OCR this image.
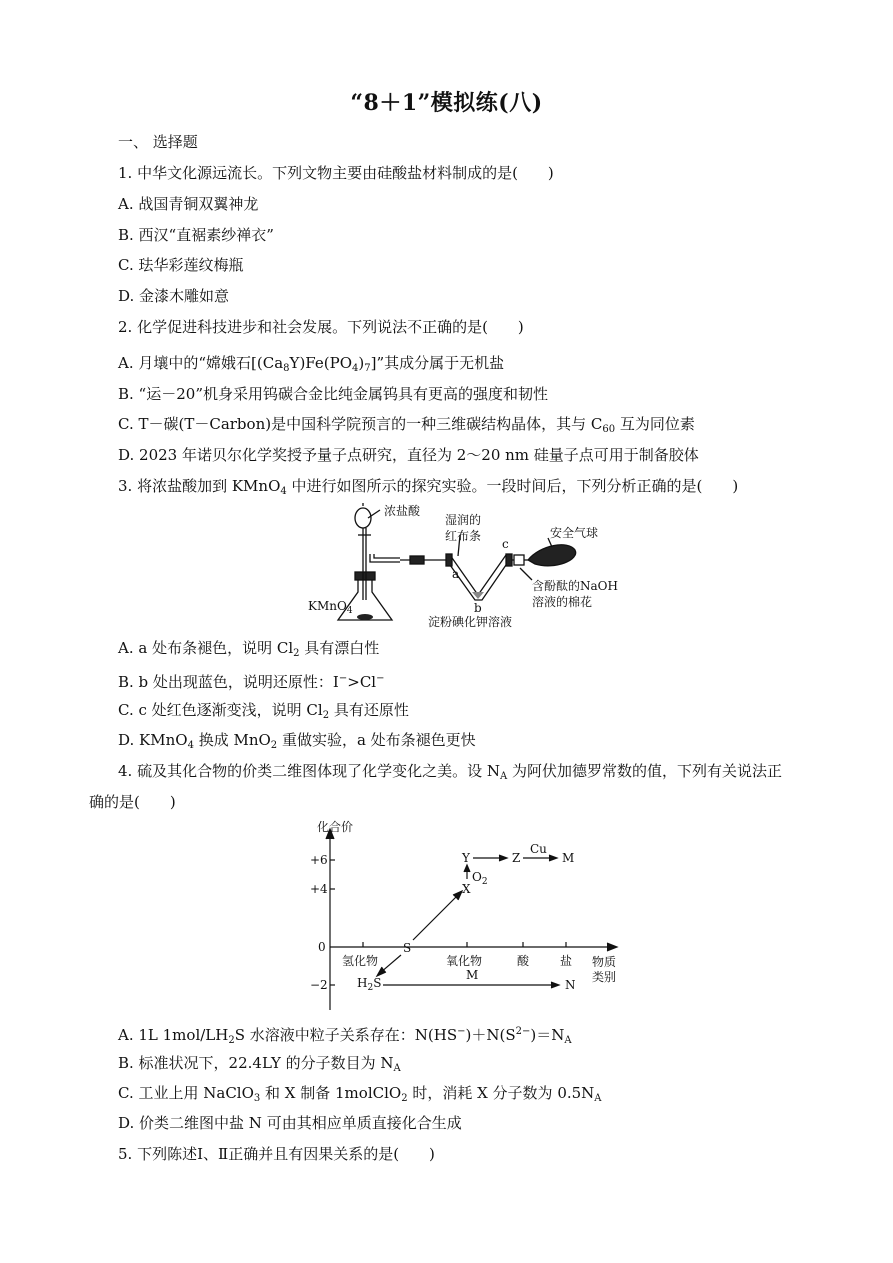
“8＋1”模拟练(八)
一、 选择题
1. 中华文化源远流长。下列文物主要由硅酸盐材料制成的是(　　)
A. 战国青铜双翼神龙
B. 西汉“直裾素纱禅衣”
C. 珐华彩莲纹梅瓶
D. 金漆木雕如意
2. 化学促进科技进步和社会发展。下列说法不正确的是(　　)
A. 月壤中的“嫦娥石$[(Ca_8Y)Fe(PO_4)_7]$”其成分属于无机盐
B. “运－20”机身采用钨碳合金比纯金属钨具有更高的强度和韧性
C. T－碳(T－Carbon)是中国科学院预言的一种三维碳结构晶体，其与 $C_{60}$ 互为同位素
D. 2023 年诺贝尔化学奖授予量子点研究，直径为 2～20 nm 硅量子点可用于制备胶体
3. 将浓盐酸加到 KMnO$_4$ 中进行如图所示的探究实验。一段时间后，下列分析正确的是(　　)
浓盐酸
湿润的
红布条	安全气球
KMnO$_4$
a
b
c
含酚酞的NaOH
溶液的棉花
淀粉碘化钾溶液
A. a 处布条褪色，说明 $Cl_2$ 具有漂白性
B. b 处出现蓝色，说明还原性：I−>Cl−
C. c 处红色逐渐变浅，说明 $Cl_2$ 具有还原性
D. KMnO$_4$ 换成 MnO$_2$ 重做实验，a 处布条褪色更快
4. 硫及其化合物的价类二维图体现了化学变化之美。设 $N_A$ 为阿伏加德罗常数的值，下列有关说法正
确的是(　　)
化合价
物质
类别
+6
+4
0
−2
氢化物	氧化物	酸	盐
S
X
Y	Z	M
M
N
$H_2S$
Cu
$O_2$
A. 1L $1mol/LH_2S$ 水溶液中粒子关系存在：$N(HS^-)+N(S^{2-})=N_A$
B. 标准状况下，22.4LY 的分子数目为 $N_A$
C. 工业上用 NaClO$_3$ 和 X 制备 1molClO$_2$ 时，消耗 X 分子数为 $0.5N_A$
D. 价类二维图中盐 N 可由其相应单质直接化合生成
5. 下列陈述Ⅰ、Ⅱ正确并且有因果关系的是(　　)
